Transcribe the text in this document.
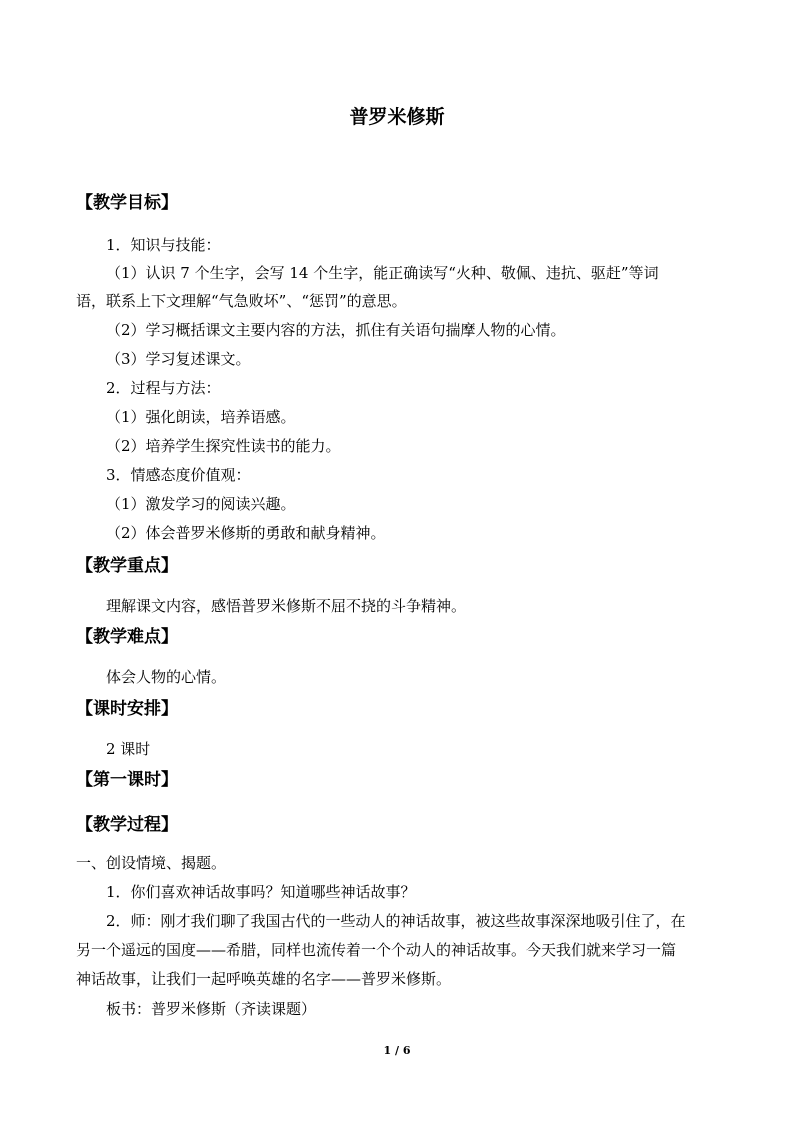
普罗米修斯
【教学目标】
1．知识与技能：
（1）认识 7 个生字，会写 14 个生字，能正确读写“火种、敬佩、违抗、驱赶”等词
语，联系上下文理解“气急败坏”、“惩罚”的意思。
（2）学习概括课文主要内容的方法，抓住有关语句揣摩人物的心情。
（3）学习复述课文。
2．过程与方法：
（1）强化朗读，培养语感。
（2）培养学生探究性读书的能力。
3．情感态度价值观：
（1）激发学习的阅读兴趣。
（2）体会普罗米修斯的勇敢和献身精神。
【教学重点】
理解课文内容，感悟普罗米修斯不屈不挠的斗争精神。
【教学难点】
体会人物的心情。
【课时安排】
2 课时
【第一课时】
【教学过程】
一、创设情境、揭题。
1．你们喜欢神话故事吗？知道哪些神话故事？
2．师：刚才我们聊了我国古代的一些动人的神话故事，被这些故事深深地吸引住了，在
另一个遥远的国度——希腊，同样也流传着一个个动人的神话故事。今天我们就来学习一篇
神话故事，让我们一起呼唤英雄的名字——普罗米修斯。
板书：普罗米修斯（齐读课题）
1 / 6
